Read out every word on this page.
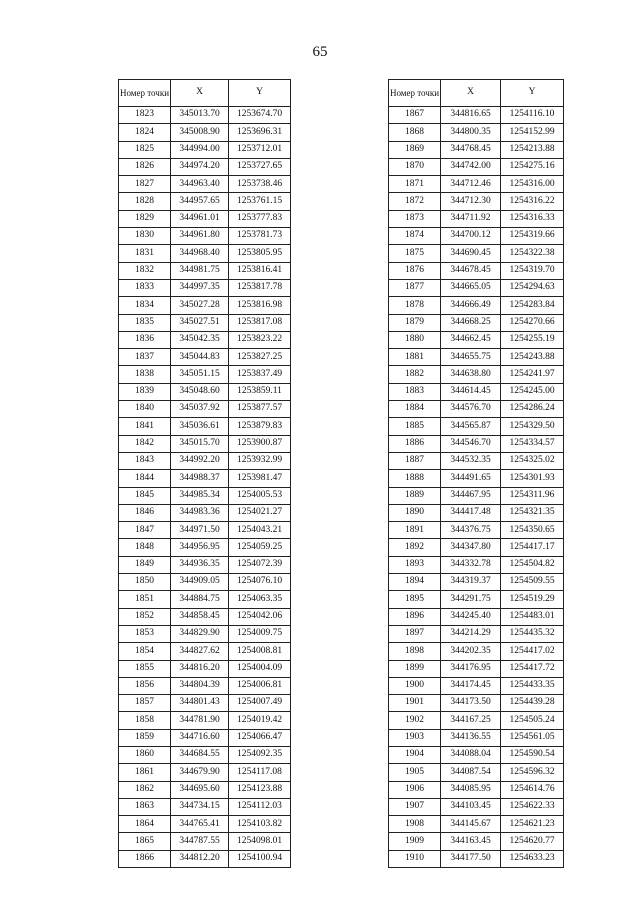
65
Номер точки	X	Y
1823	345013.70	1253674.70
1824	345008.90	1253696.31
1825	344994.00	1253712.01
1826	344974.20	1253727.65
1827	344963.40	1253738.46
1828	344957.65	1253761.15
1829	344961.01	1253777.83
1830	344961.80	1253781.73
1831	344968.40	1253805.95
1832	344981.75	1253816.41
1833	344997.35	1253817.78
1834	345027.28	1253816.98
1835	345027.51	1253817.08
1836	345042.35	1253823.22
1837	345044.83	1253827.25
1838	345051.15	1253837.49
1839	345048.60	1253859.11
1840	345037.92	1253877.57
1841	345036.61	1253879.83
1842	345015.70	1253900.87
1843	344992.20	1253932.99
1844	344988.37	1253981.47
1845	344985.34	1254005.53
1846	344983.36	1254021.27
1847	344971.50	1254043.21
1848	344956.95	1254059.25
1849	344936.35	1254072.39
1850	344909.05	1254076.10
1851	344884.75	1254063.35
1852	344858.45	1254042.06
1853	344829.90	1254009.75
1854	344827.62	1254008.81
1855	344816.20	1254004.09
1856	344804.39	1254006.81
1857	344801.43	1254007.49
1858	344781.90	1254019.42
1859	344716.60	1254066.47
1860	344684.55	1254092.35
1861	344679.90	1254117.08
1862	344695.60	1254123.88
1863	344734.15	1254112.03
1864	344765.41	1254103.82
1865	344787.55	1254098.01
1866	344812.20	1254100.94
Номер точки	X	Y
1867	344816.65	1254116.10
1868	344800.35	1254152.99
1869	344768.45	1254213.88
1870	344742.00	1254275.16
1871	344712.46	1254316.00
1872	344712.30	1254316.22
1873	344711.92	1254316.33
1874	344700.12	1254319.66
1875	344690.45	1254322.38
1876	344678.45	1254319.70
1877	344665.05	1254294.63
1878	344666.49	1254283.84
1879	344668.25	1254270.66
1880	344662.45	1254255.19
1881	344655.75	1254243.88
1882	344638.80	1254241.97
1883	344614.45	1254245.00
1884	344576.70	1254286.24
1885	344565.87	1254329.50
1886	344546.70	1254334.57
1887	344532.35	1254325.02
1888	344491.65	1254301.93
1889	344467.95	1254311.96
1890	344417.48	1254321.35
1891	344376.75	1254350.65
1892	344347.80	1254417.17
1893	344332.78	1254504.82
1894	344319.37	1254509.55
1895	344291.75	1254519.29
1896	344245.40	1254483.01
1897	344214.29	1254435.32
1898	344202.35	1254417.02
1899	344176.95	1254417.72
1900	344174.45	1254433.35
1901	344173.50	1254439.28
1902	344167.25	1254505.24
1903	344136.55	1254561.05
1904	344088.04	1254590.54
1905	344087.54	1254596.32
1906	344085.95	1254614.76
1907	344103.45	1254622.33
1908	344145.67	1254621.23
1909	344163.45	1254620.77
1910	344177.50	1254633.23
